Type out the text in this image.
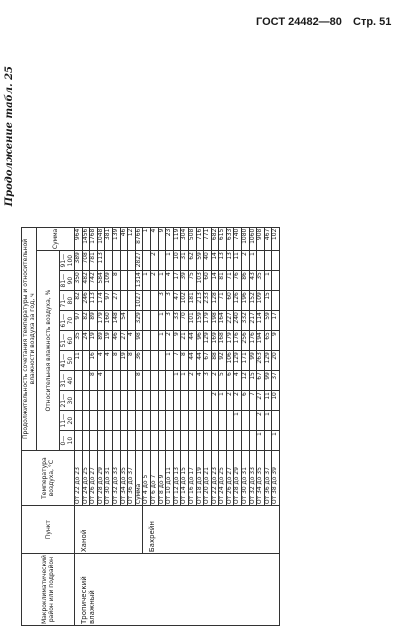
ГОСТ 24482—80 Стр. 51
Продолжение табл. 25
Макроклиматический район или подрайон	Пункт	Температура воздуха, °С	Продолжительность сочетания температуры и относительной влажности воздуха за год, ч										
			Относительная влажность воздуха, %										Сумма
			0—10	11—20	21—30	31—40	41—50	51—60	61—70	71—80	81—90	91—100	
Тропический влажный	Ханой	От 22 до 23					11	35	97	82	350	389	964
		От 24 до 25						24	82	246	482	708	1456
		От 26 до 27				8	16	19	89	113	742	781	1768
		От 28 до 29				4	4	89	179	174	584	113	1048
		От 30 до 31					4	19	160	97	109		381
		От 32 до 33					8	46	148	27	8		139
		От 34 до 35					19	27	54				46
		От 36 до 37					8	4					12
		Сумма				8	36	98	329	1027	1314	2827	8766
	Бахрейн	От 4 до 5									1		1
		От 6 до 7									2	2	4
		От 8 до 9						1	1	3	1		9
		От 10 до 11					1	2	3	3	4	1	23
		От 12 до 13				1	7	9	33	47	17	10	119
		От 14 до 15				1	8	21	70	102	39	31	304
		От 16 до 17				2	44	44	101	181	75	62	508
		От 18 до 19				4	44	96	159	213	103	59	716
		От 20 до 21				3	67	129	179	233	60	40	771
		От 22 до 23			2	2	88	169	198	128	14	14	682
		От 24 до 25			1	5	92	168	164	71	81	13	615
		От 26 до 27			2	6	106	179	227	60	71	13	633
		От 28 до 29		1	2	4	129	176	240	126	76	11	740
		От 30 до 31			6	12	171	256	332	196	86	2	1080
		От 32 до 33			7	15	99	176	217	152	43	1	1060
		От 34 до 35	1	2	27	67	263	194	114	109	35		908
		От 36 до 37		1	11	99	129	65	59	15	1		467
		От 38 до 39	1		10	37	20	9	17				102
